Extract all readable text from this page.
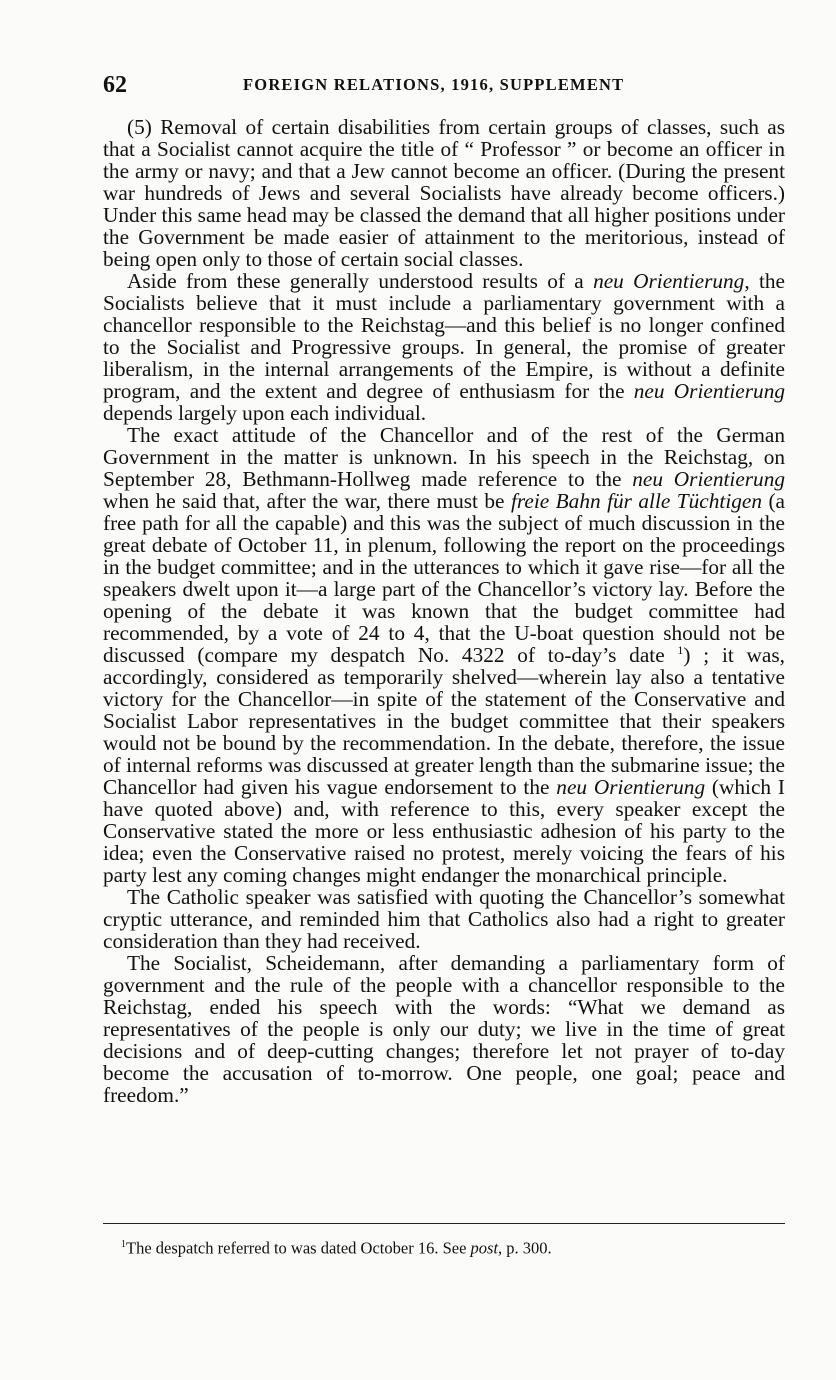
62	FOREIGN RELATIONS, 1916, SUPPLEMENT

(5) Removal of certain disabilities from certain groups of classes, such as that a Socialist cannot acquire the title of “ Professor ” or become an officer in the army or navy; and that a Jew cannot become an officer. (During the present war hundreds of Jews and several Socialists have already become officers.) Under this same head may be classed the demand that all higher positions under the Government be made easier of attainment to the meritorious, instead of being open only to those of certain social classes.

Aside from these generally understood results of a neu Orientierung, the Socialists believe that it must include a parliamentary government with a chancellor responsible to the Reichstag—and this belief is no longer confined to the Socialist and Progressive groups. In general, the promise of greater liberalism, in the internal arrangements of the Empire, is without a definite program, and the extent and degree of enthusiasm for the neu Orientierung depends largely upon each individual.

The exact attitude of the Chancellor and of the rest of the German Government in the matter is unknown. In his speech in the Reichstag, on September 28, Bethmann-Hollweg made reference to the neu Orientierung when he said that, after the war, there must be freie Bahn für alle Tüchtigen (a free path for all the capable) and this was the subject of much discussion in the great debate of October 11, in plenum, following the report on the proceedings in the budget committee; and in the utterances to which it gave rise—for all the speakers dwelt upon it—a large part of the Chancellor’s victory lay. Before the opening of the debate it was known that the budget committee had recommended, by a vote of 24 to 4, that the U-boat question should not be discussed (compare my despatch No. 4322 of to-day’s date $^1$) ; it was, accordingly, considered as temporarily shelved—wherein lay also a tentative victory for the Chancellor—in spite of the statement of the Conservative and Socialist Labor representatives in the budget committee that their speakers would not be bound by the recommendation. In the debate, therefore, the issue of internal reforms was discussed at greater length than the submarine issue; the Chancellor had given his vague endorsement to the neu Orientierung (which I have quoted above) and, with reference to this, every speaker except the Conservative stated the more or less enthusiastic adhesion of his party to the idea; even the Conservative raised no protest, merely voicing the fears of his party lest any coming changes might endanger the monarchical principle.

The Catholic speaker was satisfied with quoting the Chancellor’s somewhat cryptic utterance, and reminded him that Catholics also had a right to greater consideration than they had received.

The Socialist, Scheidemann, after demanding a parliamentary form of government and the rule of the people with a chancellor responsible to the Reichstag, ended his speech with the words: “What we demand as representatives of the people is only our duty; we live in the time of great decisions and of deep-cutting changes; therefore let not prayer of to-day become the accusation of to-morrow. One people, one goal; peace and freedom.”

$^1$The despatch referred to was dated October 16. See post, p. 300.
